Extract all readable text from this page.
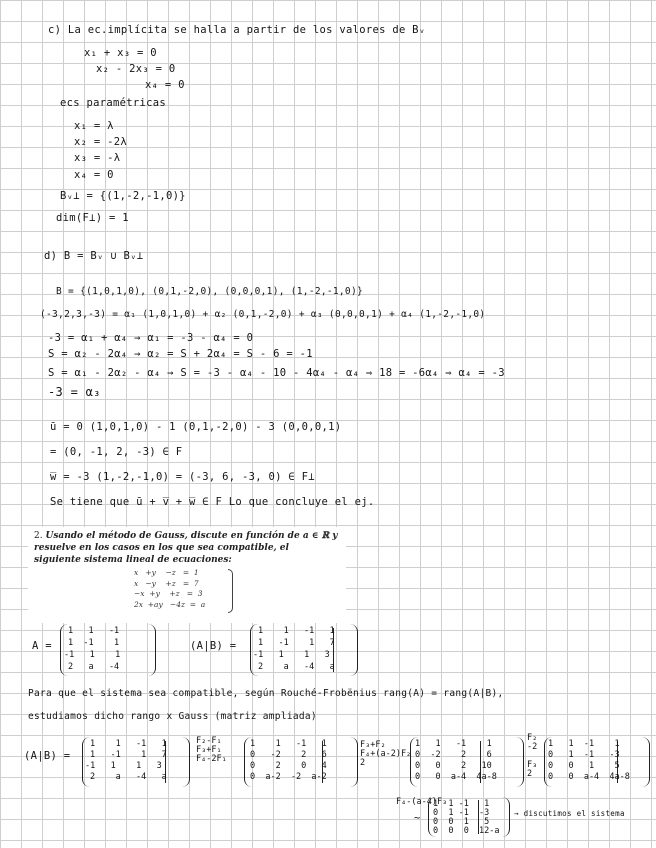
c) La ec.implícita se halla a partir de los valores de Bᵥ
x₁ + x₃ = 0
x₂ - 2x₃ = 0
x₄ = 0
ecs paramétricas
x₁ = λ
x₂ = -2λ
x₃ = -λ
x₄ = 0
Bᵥ⊥ = {(1,-2,-1,0)}
dim(F⊥) = 1
d) B = Bᵥ ∪ Bᵥ⊥
B = {(1,0,1,0), (0,1,-2,0), (0,0,0,1), (1,-2,-1,0)}
(-3,2,3,-3) = α₁ (1,0,1,0) + α₂ (0,1,-2,0) + α₃ (0,0,0,1) + α₄ (1,-2,-1,0)
-3 = α₁ + α₄ → α₁ = -3 - α₄ = 0
S = α₂ - 2α₄ → α₂ = S + 2α₄ = S - 6 = -1
S = α₁ - 2α₂ - α₄ → S = -3 - α₄ - 10 - 4α₄ - α₄ ⇒ 18 = -6α₄ ⇒ α₄ = -3
-3 = α₃
ū = 0 (1,0,1,0) - 1 (0,1,-2,0) - 3 (0,0,0,1)
= (0, -1, 2, -3) ∈ F
w̅ = -3 (1,-2,-1,0) = (-3, 6, -3, 0) ∈ F⊥
Se tiene que ū + v̅ + w̅ ∈ F Lo que concluye el ej.
2. Usando el método de Gauss, discute en función de a ∈ ℝ y resuelve en los casos en los que sea compatible, el siguiente sistema lineal de ecuaciones:
x   +y    −z   =  1
x   −y    +z   =  7
−x  +y    +z   =  3
2x  +ay   −4z  =  a
A =
1   1   -1
1  -1    1
-1   1    1
2   a   -4
(A|B) =
1    1   -1   1
1   -1    1   7
-1   1    1   3
2    a   -4   a
Para que el sistema sea compatible, según Rouché-Frobënius rang(A) = rang(A|B),
estudiamos dicho rango x Gauss (matriz ampliada)
(A|B) =
1    1   -1   1
1   -1    1   7
-1   1    1   3
2    a   -4   a
F₂-F₁
F₃+F₁
F₄-2F₁
1    1   -1   1
0   -2    2   6
0    2    0   4
0  a-2  -2  a-2
F₃+F₂
F₄+(a-2)F₂
2
1   1   -1    1
0  -2    2    6
0   0    2   10
0   0  a-4  4a-8
F₂
-2

F₃
2
1   1  -1    1
0   1  -1   -3
0   0   1    5
0   0  a-4  4a-8
F₄-(a-4)F₃
~
1  1 -1   1
0  1 -1  -3
0  0  1   5
0  0  0  12-a
→ discutimos el sistema
